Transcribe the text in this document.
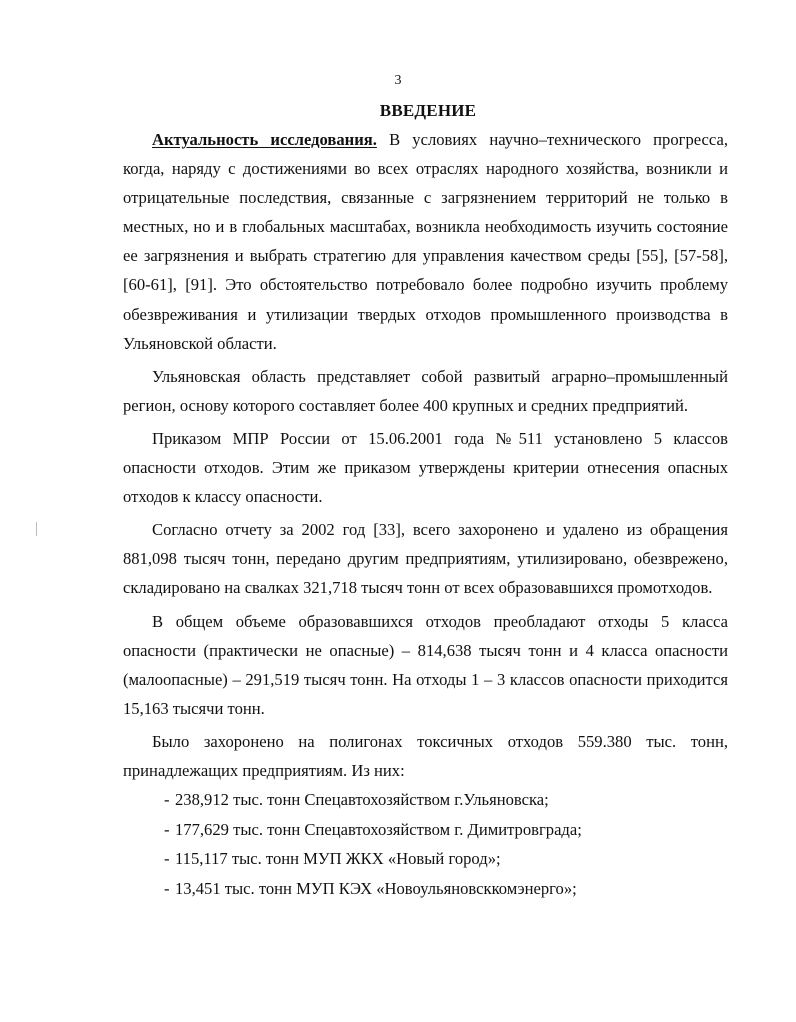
3
ВВЕДЕНИЕ

Актуальность исследования. В условиях научно–технического прогресса, когда, наряду с достижениями во всех отраслях народного хозяйства, возникли и отрицательные последствия, связанные с загрязнением территорий не только в местных, но и в глобальных масштабах, возникла необходимость изучить состояние ее загрязнения и выбрать стратегию для управления качеством среды [55], [57-58], [60-61], [91]. Это обстоятельство потребовало более подробно изучить проблему обезвреживания и утилизации твердых отходов промышленного производства в Ульяновской области.

Ульяновская область представляет собой развитый аграрно–промышленный регион, основу которого составляет более 400 крупных и средних предприятий.

Приказом МПР России от 15.06.2001 года №511 установлено 5 классов опасности отходов. Этим же приказом утверждены критерии отнесения опасных отходов к классу опасности.

Согласно отчету за 2002 год [33], всего захоронено и удалено из обращения 881,098 тысяч тонн, передано другим предприятиям, утилизировано, обезврежено, складировано на свалках 321,718 тысяч тонн от всех образовавшихся промотходов.

В общем объеме образовавшихся отходов преобладают отходы 5 класса опасности (практически не опасные) – 814,638 тысяч тонн и 4 класса опасности (малоопасные) – 291,519 тысяч тонн. На отходы 1 – 3 классов опасности приходится 15,163 тысячи тонн.

Было захоронено на полигонах токсичных отходов 559.380 тыс. тонн, принадлежащих предприятиям. Из них:

- 238,912 тыс. тонн Спецавтохозяйством г.Ульяновска;
- 177,629 тыс. тонн Спецавтохозяйством г. Димитровграда;
- 115,117 тыс. тонн МУП ЖКХ «Новый город»;
- 13,451 тыс. тонн МУП КЭХ «Новоульяновсккомэнерго»;
